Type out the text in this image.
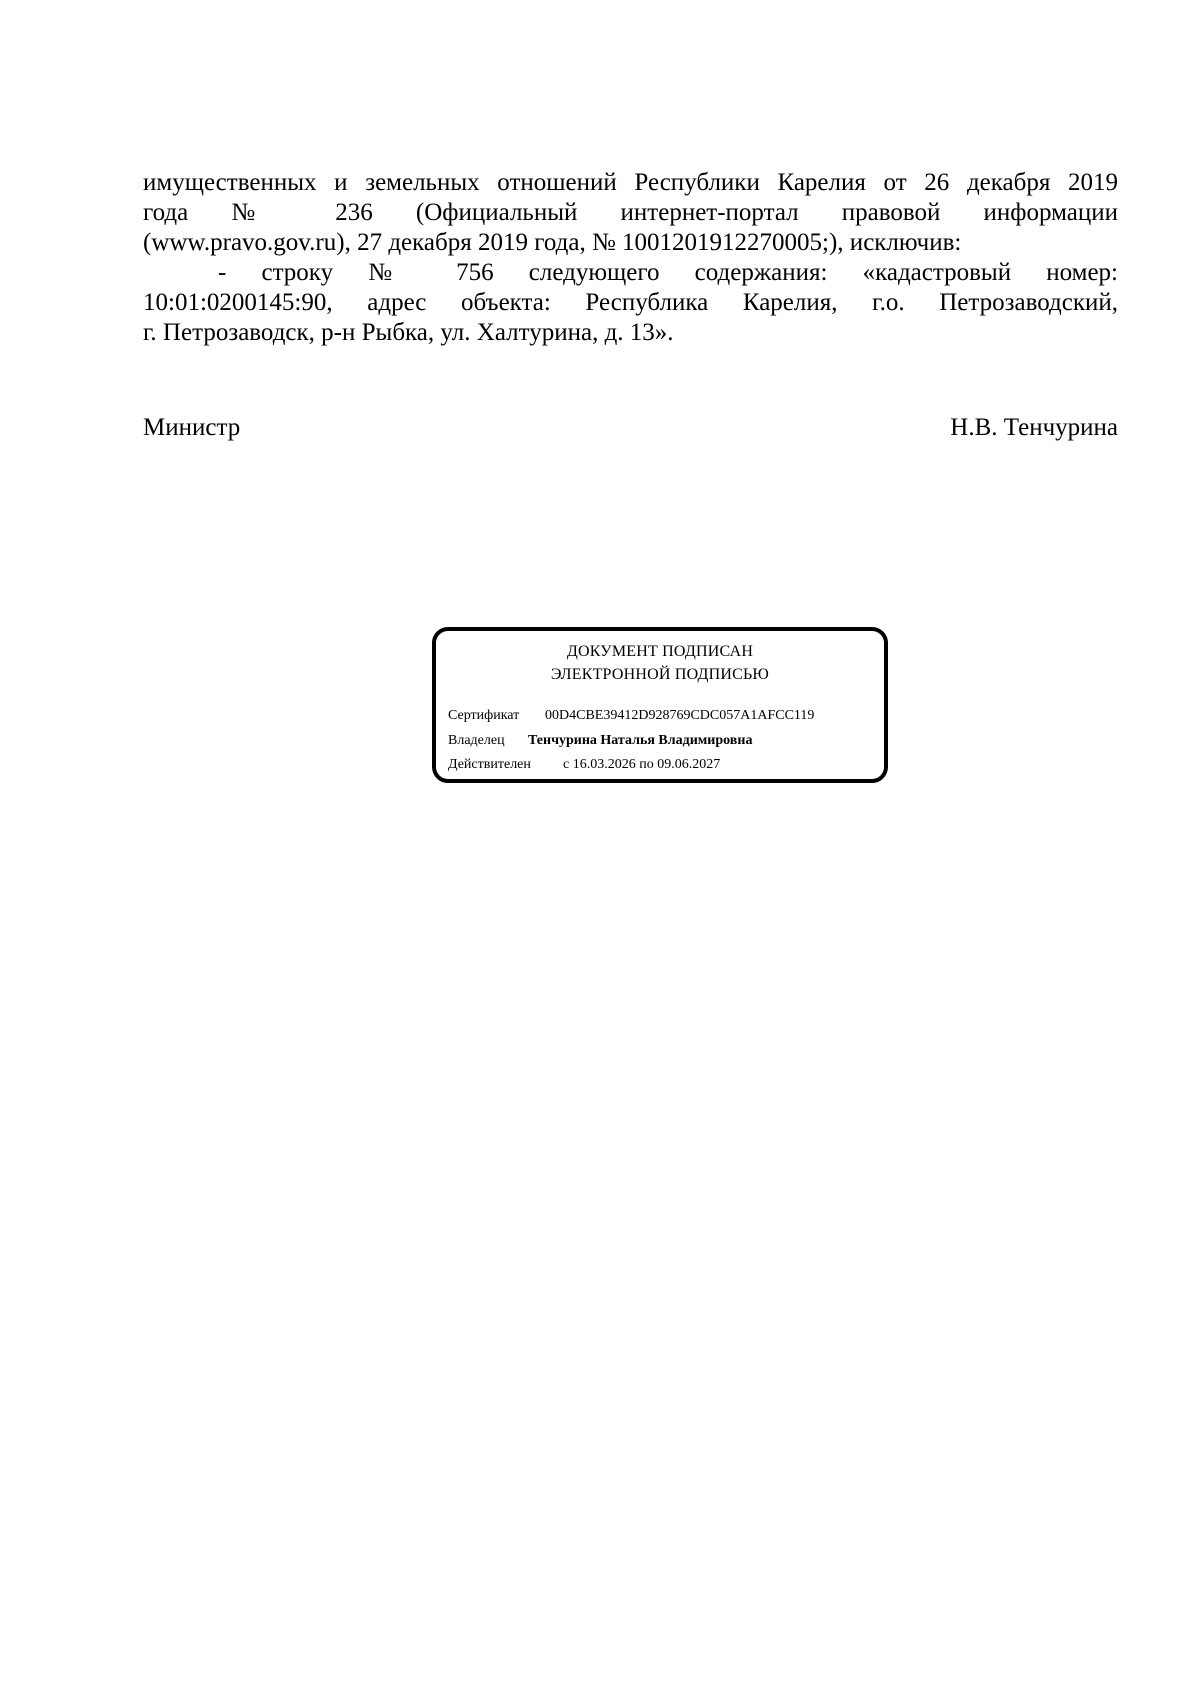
имущественных и земельных отношений Республики Карелия от 26 декабря 2019
года № 236 (Официальный интернет-портал правовой информации
(www.pravo.gov.ru), 27 декабря 2019 года, № 1001201912270005;), исключив:
- строку № 756 следующего содержания: «кадастровый номер:
10:01:0200145:90, адрес объекта: Республика Карелия, г.о. Петрозаводский,
г. Петрозаводск, р-н Рыбка, ул. Халтурина, д. 13».
Министр	Н.В. Тенчурина
ДОКУМЕНТ ПОДПИСАН
ЭЛЕКТРОННОЙ ПОДПИСЬЮ
Сертификат 00D4CBE39412D928769CDC057A1AFCC119
Владелец Тенчурина Наталья Владимировна
Действителен с 16.03.2026 по 09.06.2027
